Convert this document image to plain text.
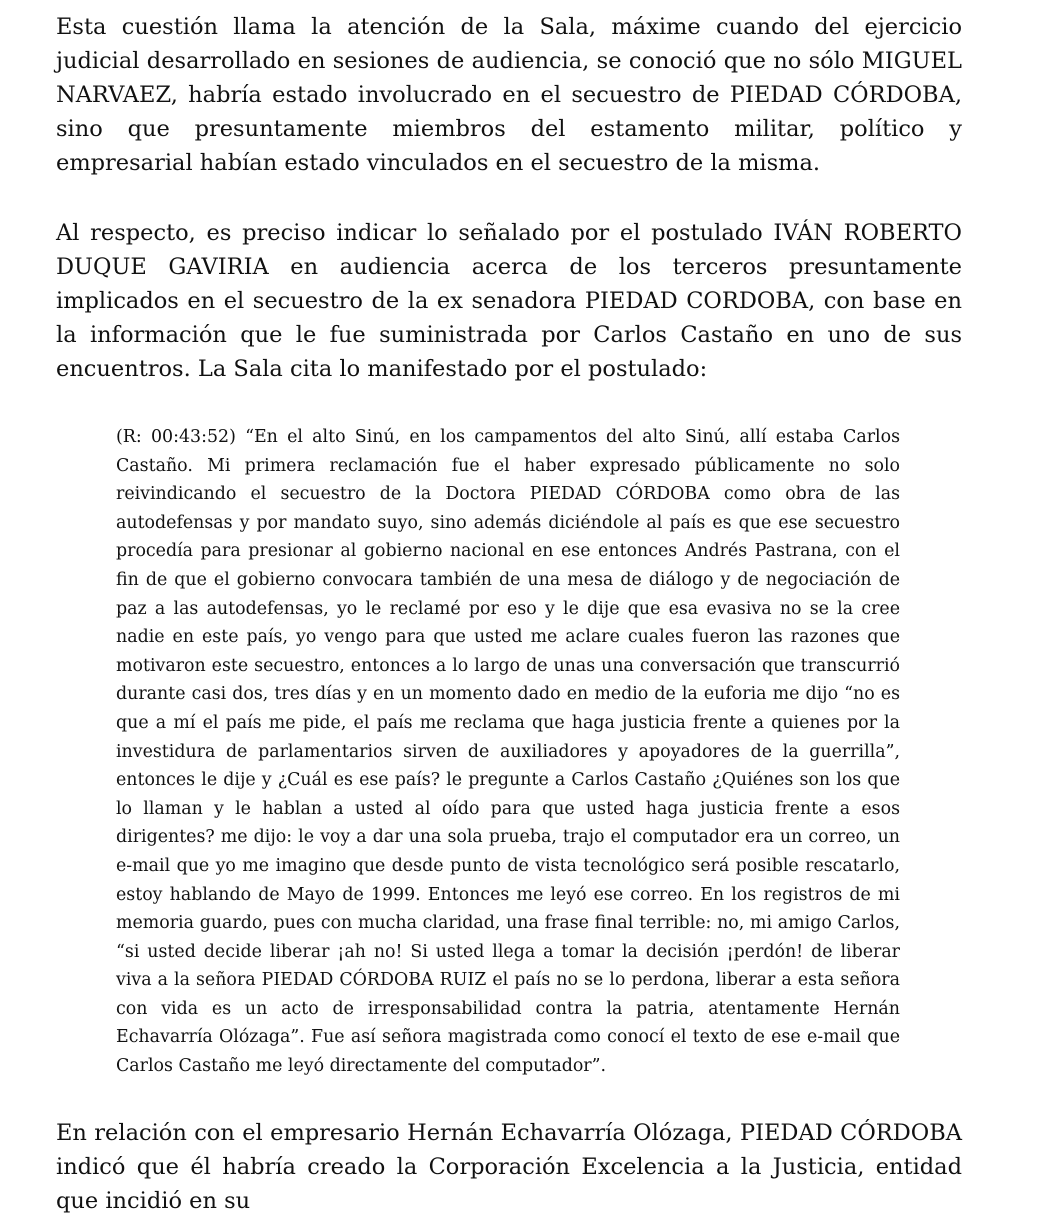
Esta cuestión llama la atención de la Sala, máxime cuando del ejercicio judicial desarrollado en sesiones de audiencia, se conoció que no sólo MIGUEL NARVAEZ, habría estado involucrado en el secuestro de PIEDAD CÓRDOBA, sino que presuntamente miembros del estamento militar, político y empresarial habían estado vinculados en el secuestro de la misma.

Al respecto, es preciso indicar lo señalado por el postulado IVÁN ROBERTO DUQUE GAVIRIA en audiencia acerca de los terceros presuntamente implicados en el secuestro de la ex senadora PIEDAD CORDOBA, con base en la información que le fue suministrada por Carlos Castaño en uno de sus encuentros. La Sala cita lo manifestado por el postulado:

(R: 00:43:52) “En el alto Sinú, en los campamentos del alto Sinú, allí estaba Carlos Castaño. Mi primera reclamación fue el haber expresado públicamente no solo reivindicando el secuestro de la Doctora PIEDAD CÓRDOBA como obra de las autodefensas y por mandato suyo, sino además diciéndole al país es que ese secuestro procedía para presionar al gobierno nacional en ese entonces Andrés Pastrana, con el fin de que el gobierno convocara también de una mesa de diálogo y de negociación de paz a las autodefensas, yo le reclamé por eso y le dije que esa evasiva no se la cree nadie en este país, yo vengo para que usted me aclare cuales fueron las razones que motivaron este secuestro, entonces a lo largo de unas una conversación que transcurrió durante casi dos, tres días y en un momento dado en medio de la euforia me dijo “no es que a mí el país me pide, el país me reclama que haga justicia frente a quienes por la investidura de parlamentarios sirven de auxiliadores y apoyadores de la guerrilla”, entonces le dije y ¿Cuál es ese país? le pregunte a Carlos Castaño ¿Quiénes son los que lo llaman y le hablan a usted al oído para que usted haga justicia frente a esos dirigentes? me dijo: le voy a dar una sola prueba, trajo el computador era un correo, un e-mail que yo me imagino que desde punto de vista tecnológico será posible rescatarlo, estoy hablando de Mayo de 1999. Entonces me leyó ese correo. En los registros de mi memoria guardo, pues con mucha claridad, una frase final terrible: no, mi amigo Carlos, “si usted decide liberar ¡ah no! Si usted llega a tomar la decisión ¡perdón! de liberar viva a la señora PIEDAD CÓRDOBA RUIZ el país no se lo perdona, liberar a esta señora con vida es un acto de irresponsabilidad contra la patria, atentamente Hernán Echavarría Olózaga”. Fue así señora magistrada como conocí el texto de ese e-mail que Carlos Castaño me leyó directamente del computador”.

En relación con el empresario Hernán Echavarría Olózaga, PIEDAD CÓRDOBA indicó que él habría creado la Corporación Excelencia a la Justicia, entidad que incidió en su
